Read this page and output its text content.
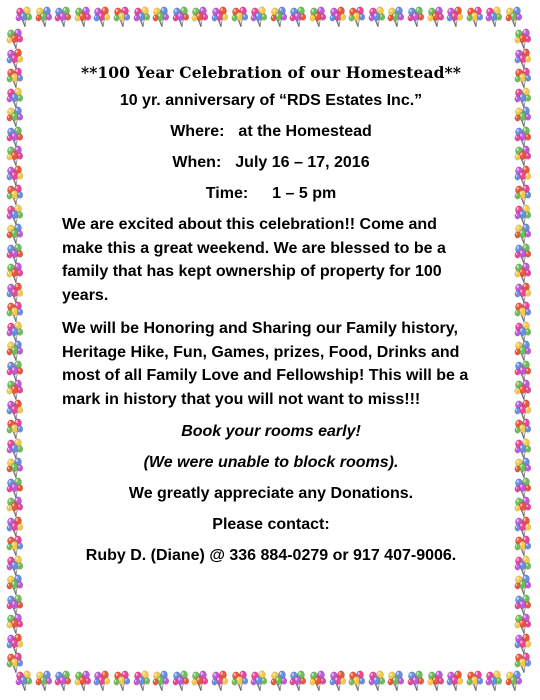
**100 Year Celebration of our Homestead**

10 yr. anniversary of “RDS Estates Inc.”

Where: at the Homestead

When: July 16 – 17, 2016

Time: 1 – 5 pm

We are excited about this celebration!! Come and make this a great weekend. We are blessed to be a family that has kept ownership of property for 100 years.

We will be Honoring and Sharing our Family history, Heritage Hike, Fun, Games, prizes, Food, Drinks and most of all Family Love and Fellowship! This will be a mark in history that you will not want to miss!!!

Book your rooms early!

(We were unable to block rooms).

We greatly appreciate any Donations.

Please contact:

Ruby D. (Diane) @ 336 884-0279 or 917 407-9006.
